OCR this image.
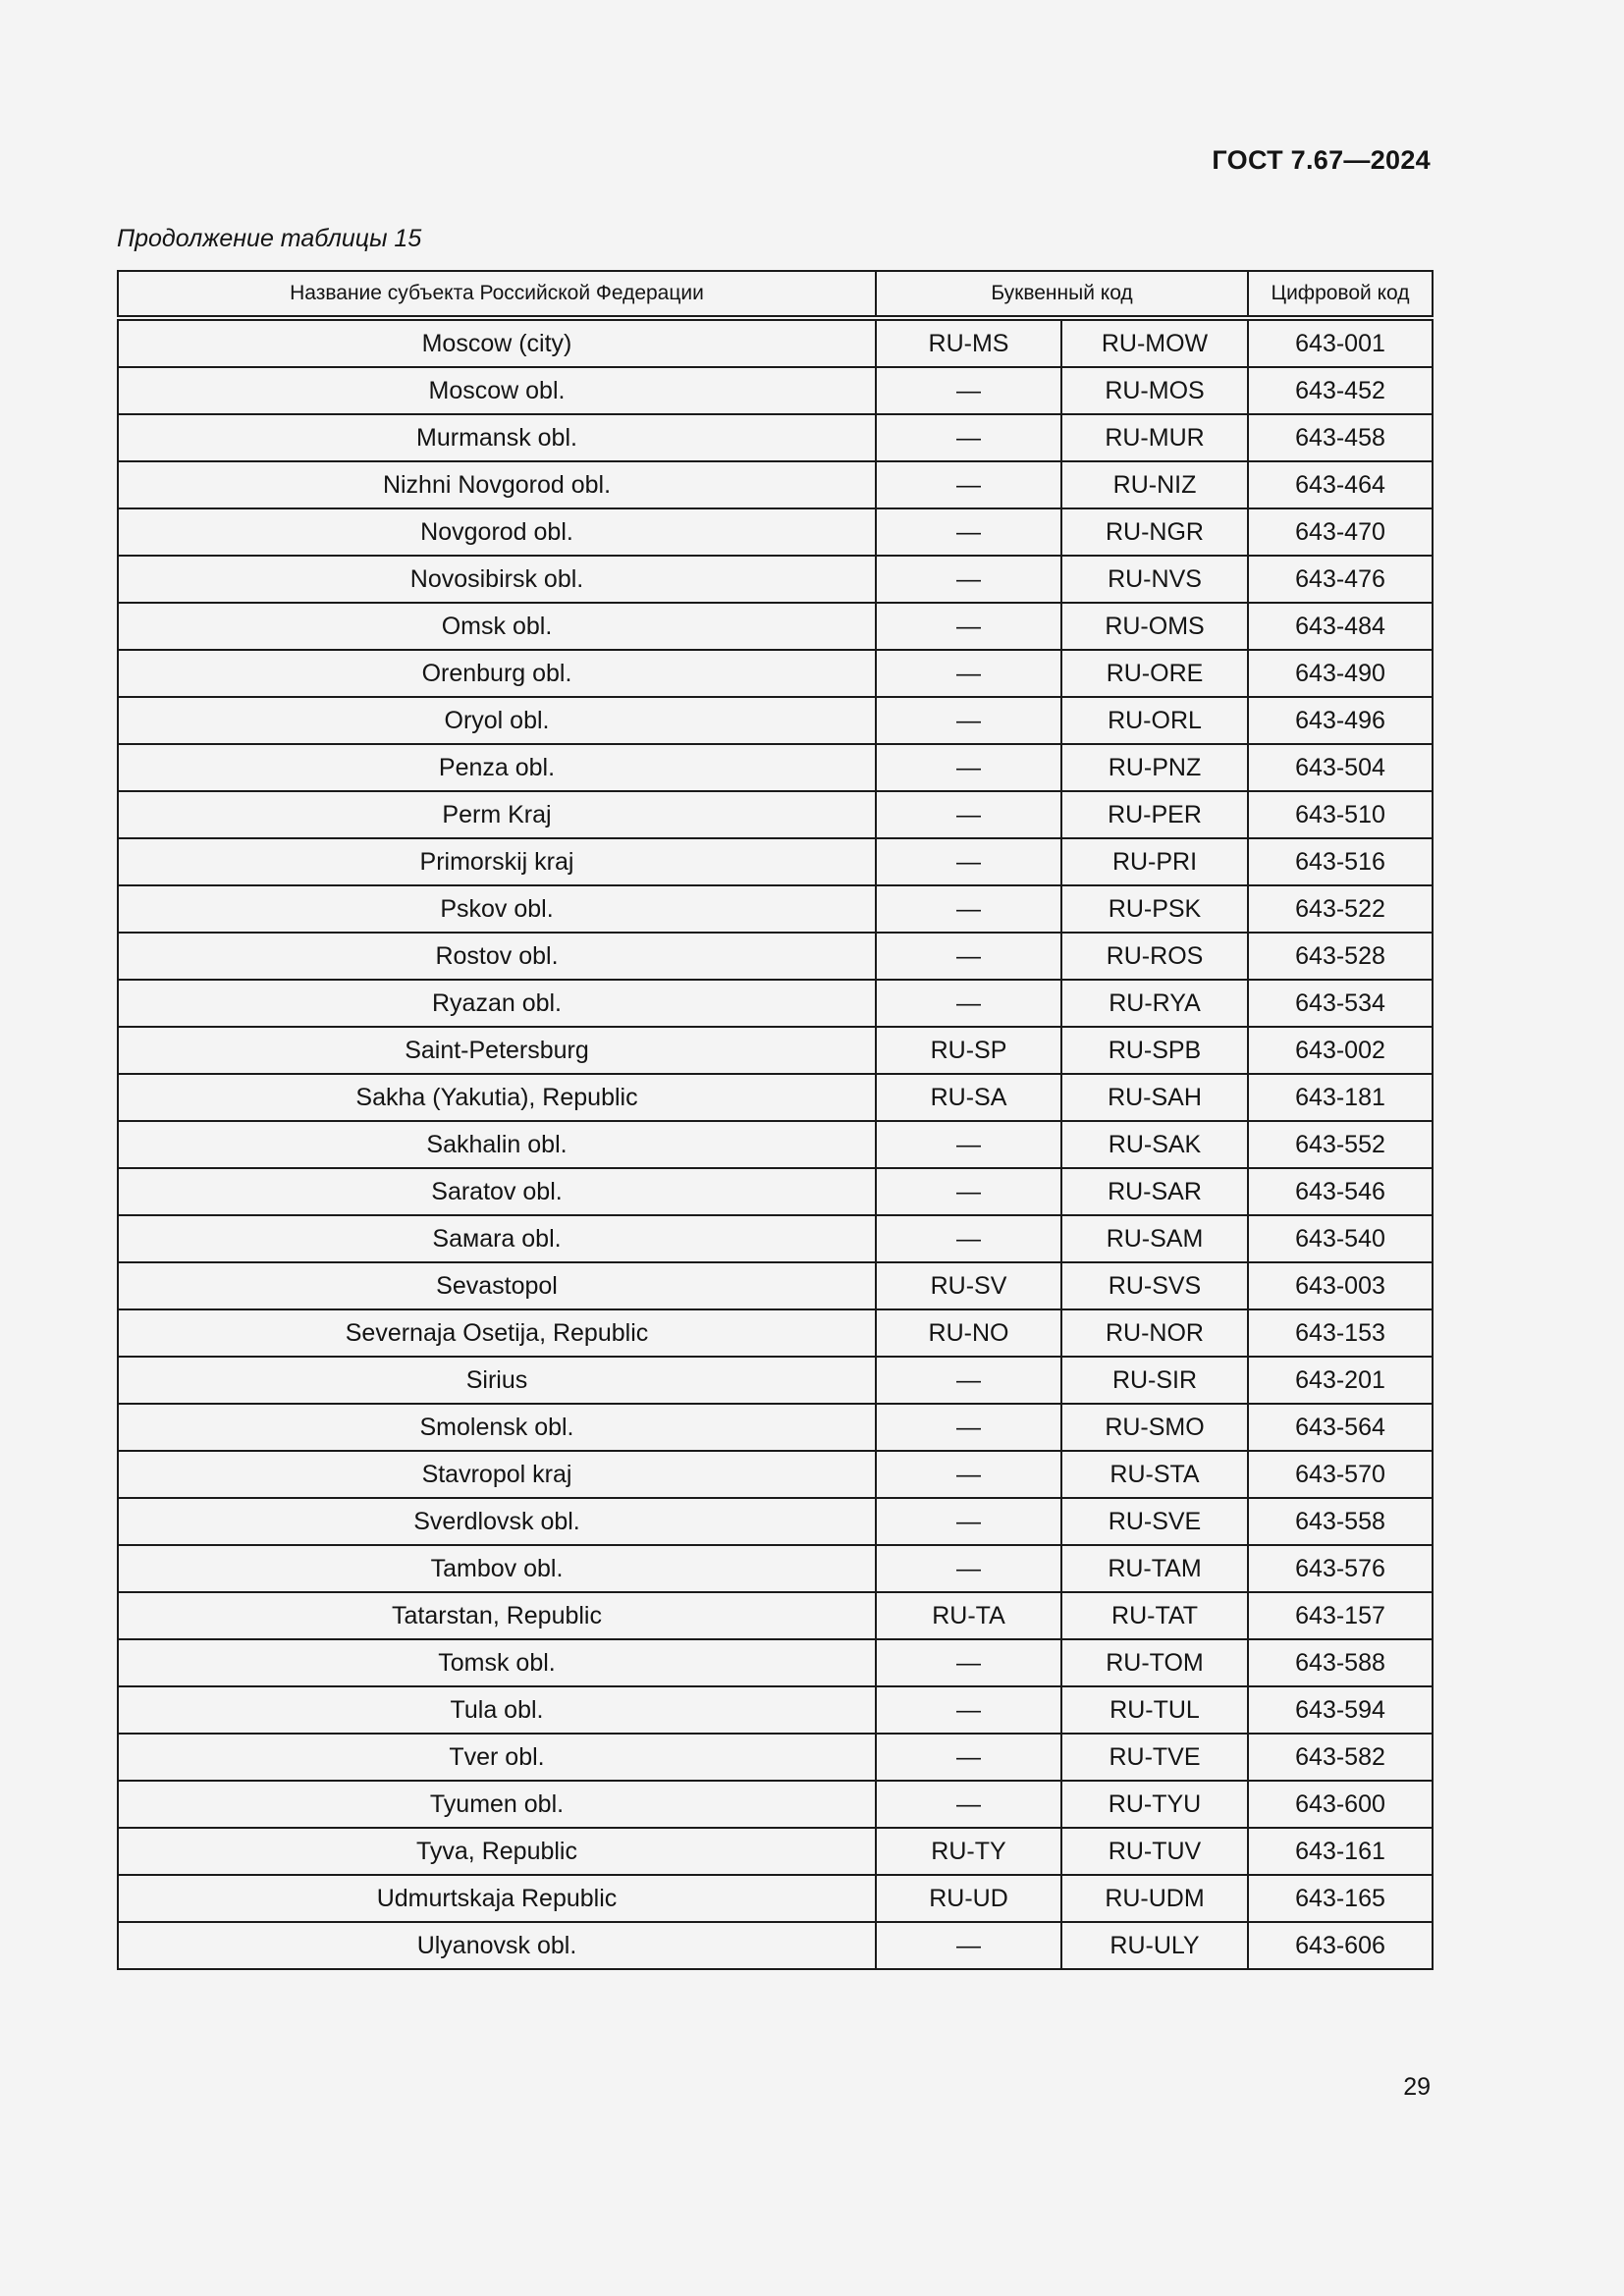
ГОСТ 7.67—2024
Продолжение таблицы 15
Название субъекта Российской Федерации	Буквенный код		Цифровой код
Moscow (city)	RU-MS	RU-MOW	643-001
Moscow obl.	—	RU-MOS	643-452
Murmansk obl.	—	RU-MUR	643-458
Nizhni Novgorod obl.	—	RU-NIZ	643-464
Novgorod obl.	—	RU-NGR	643-470
Novosibirsk obl.	—	RU-NVS	643-476
Omsk obl.	—	RU-OMS	643-484
Orenburg obl.	—	RU-ORE	643-490
Oryol obl.	—	RU-ORL	643-496
Penza obl.	—	RU-PNZ	643-504
Perm Kraj	—	RU-PER	643-510
Primorskij kraj	—	RU-PRI	643-516
Pskov obl.	—	RU-PSK	643-522
Rostov obl.	—	RU-ROS	643-528
Ryazan obl.	—	RU-RYA	643-534
Saint-Petersburg	RU-SP	RU-SPB	643-002
Sakha (Yakutia), Republic	RU-SA	RU-SAH	643-181
Sakhalin obl.	—	RU-SAK	643-552
Saratov obl.	—	RU-SAR	643-546
Saмara obl.	—	RU-SAM	643-540
Sevastopol	RU-SV	RU-SVS	643-003
Severnaja Osetija, Republic	RU-NO	RU-NOR	643-153
Sirius	—	RU-SIR	643-201
Smolensk obl.	—	RU-SMO	643-564
Stavropol kraj	—	RU-STA	643-570
Sverdlovsk obl.	—	RU-SVE	643-558
Tambov obl.	—	RU-TAM	643-576
Tatarstan, Republic	RU-TA	RU-TAT	643-157
Tomsk obl.	—	RU-TOM	643-588
Tula obl.	—	RU-TUL	643-594
Tver obl.	—	RU-TVE	643-582
Tyumen obl.	—	RU-TYU	643-600
Tyva, Republic	RU-TY	RU-TUV	643-161
Udmurtskaja Republic	RU-UD	RU-UDM	643-165
Ulyanovsk obl.	—	RU-ULY	643-606
29
